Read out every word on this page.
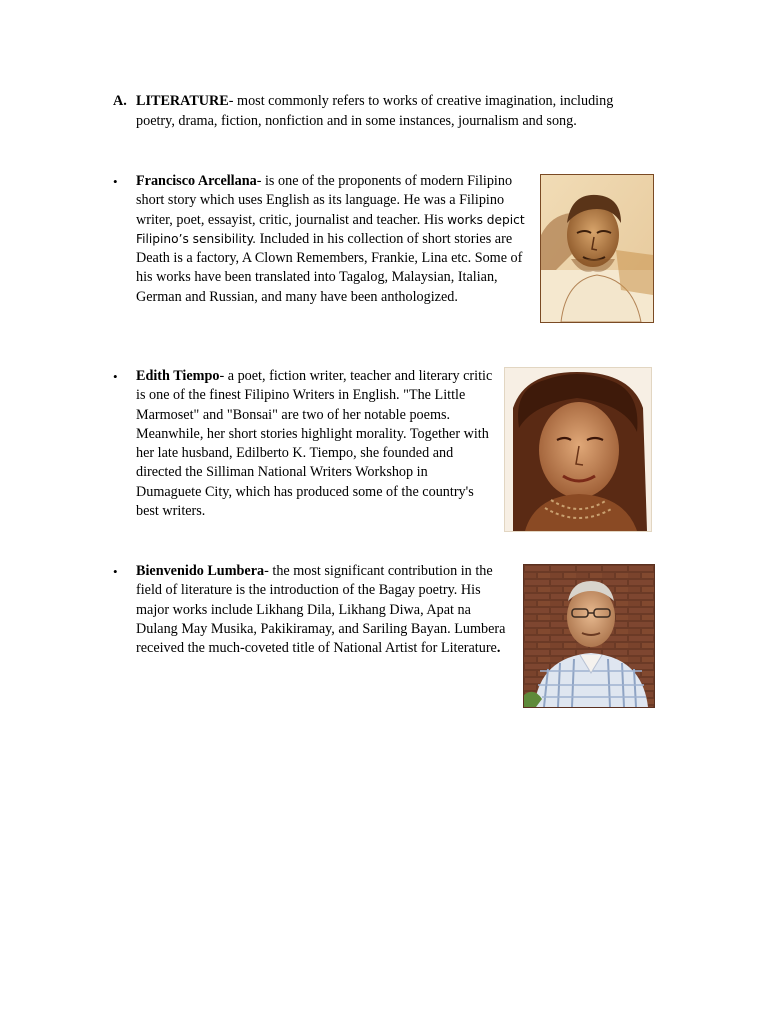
A. LITERATURE- most commonly refers to works of creative imagination, including poetry, drama, fiction, nonfiction and in some instances, journalism and song.
•	Francisco Arcellana- is one of the proponents of modern Filipino short story which uses English as its language. He was a Filipino writer, poet, essayist, critic, journalist and teacher. His works depict Filipino’s sensibility. Included in his collection of short stories are Death is a factory, A Clown Remembers, Frankie, Lina etc. Some of his works have been translated into Tagalog, Malaysian, Italian, German and Russian, and many have been anthologized.
•	Edith Tiempo- a poet, fiction writer, teacher and literary critic is one of the finest Filipino Writers in English. "The Little Marmoset" and "Bonsai" are two of her notable poems. Meanwhile, her short stories highlight morality. Together with her late husband, Edilberto K. Tiempo, she founded and directed the Silliman National Writers Workshop in Dumaguete City, which has produced some of the country's best writers.
•	Bienvenido Lumbera- the most significant contribution in the field of literature is the introduction of the Bagay poetry. His major works include Likhang Dila, Likhang Diwa, Apat na Dulang May Musika, Pakikiramay, and Sariling Bayan. Lumbera received the much-coveted title of National Artist for Literature.
